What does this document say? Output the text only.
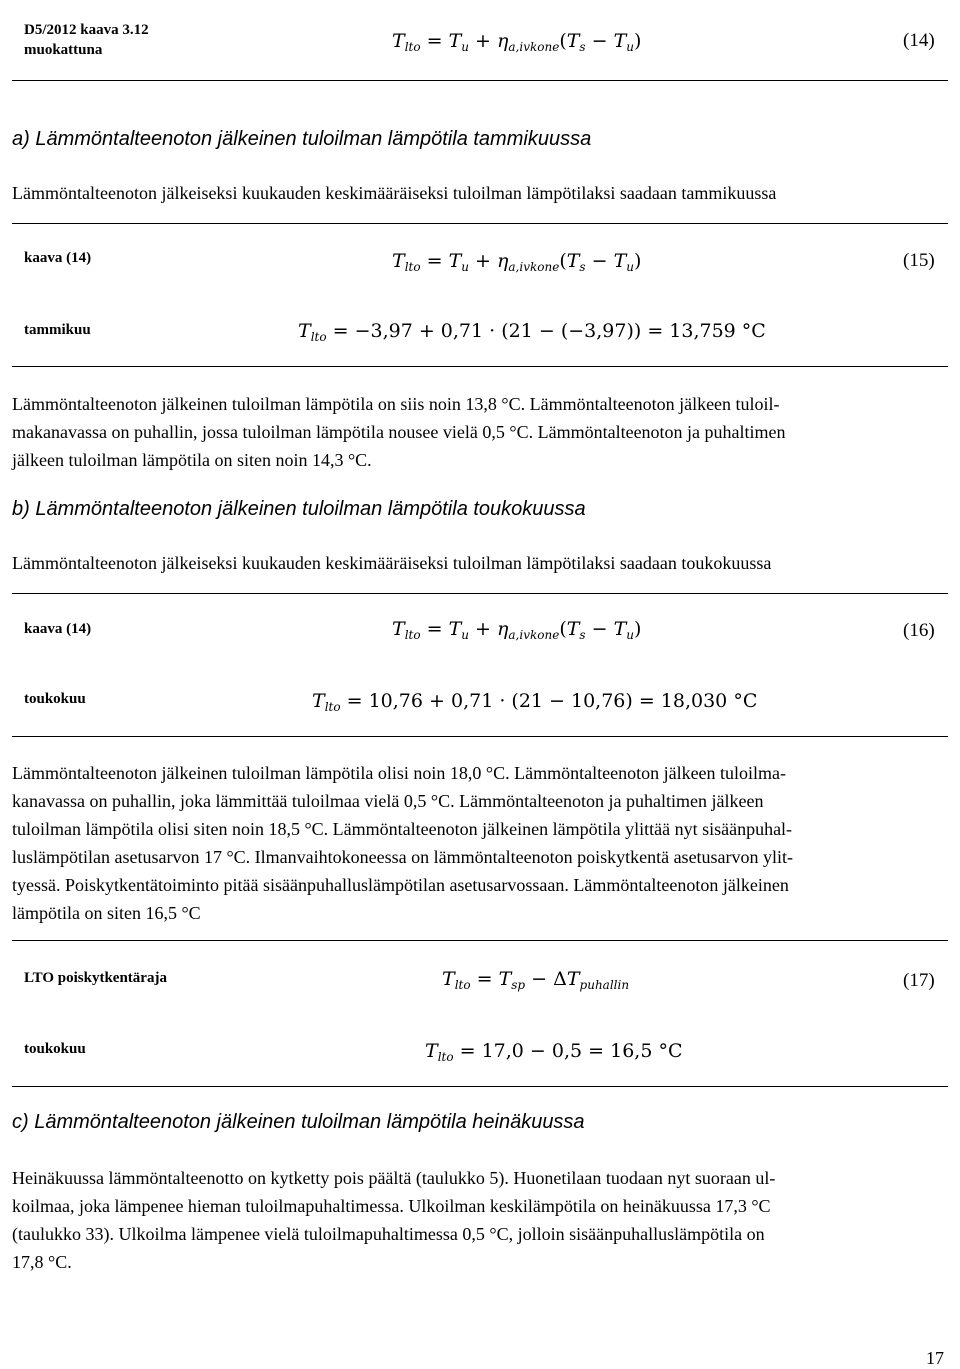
D5/2012 kaava 3.12
muokattuna	$T_{lto} = T_u + \eta_{a,ivkone}(T_s - T_u)$	(14)
a) Lämmöntalteenoton jälkeinen tuloilman lämpötila tammikuussa
Lämmöntalteenoton jälkeiseksi kuukauden keskimääräiseksi tuloilman lämpötilaksi saadaan tammikuussa
kaava (14)	$T_{lto} = T_u + \eta_{a,ivkone}(T_s - T_u)$	(15)
tammikuu	$T_{lto} = -3,97 + 0,71 \cdot (21 - (-3,97)) = 13,759$ °C
Lämmöntalteenoton jälkeinen tuloilman lämpötila on siis noin 13,8 °C. Lämmöntalteenoton jälkeen tuloil-
makanavassa on puhallin, jossa tuloilman lämpötila nousee vielä 0,5 °C. Lämmöntalteenoton ja puhaltimen
jälkeen tuloilman lämpötila on siten noin 14,3 °C.
b) Lämmöntalteenoton jälkeinen tuloilman lämpötila toukokuussa
Lämmöntalteenoton jälkeiseksi kuukauden keskimääräiseksi tuloilman lämpötilaksi saadaan toukokuussa
kaava (14)	$T_{lto} = T_u + \eta_{a,ivkone}(T_s - T_u)$	(16)
toukokuu	$T_{lto} = 10,76 + 0,71 \cdot (21 - 10,76) = 18,030$ °C
Lämmöntalteenoton jälkeinen tuloilman lämpötila olisi noin 18,0 °C. Lämmöntalteenoton jälkeen tuloilma-
kanavassa on puhallin, joka lämmittää tuloilmaa vielä 0,5 °C. Lämmöntalteenoton ja puhaltimen jälkeen
tuloilman lämpötila olisi siten noin 18,5 °C. Lämmöntalteenoton jälkeinen lämpötila ylittää nyt sisäänpuhal-
luslämpötilan asetusarvon 17 °C. Ilmanvaihtokoneessa on lämmöntalteenoton poiskytkentä asetusarvon ylit-
tyessä. Poiskytkentätoiminto pitää sisäänpuhalluslämpötilan asetusarvossaan. Lämmöntalteenoton jälkeinen
lämpötila on siten 16,5 °C
LTO poiskytkentäraja	$T_{lto} = T_{sp} - \Delta T_{puhallin}$	(17)
toukokuu	$T_{lto} = 17,0 - 0,5 = 16,5$ °C
c) Lämmöntalteenoton jälkeinen tuloilman lämpötila heinäkuussa
Heinäkuussa lämmöntalteenotto on kytketty pois päältä (taulukko 5). Huonetilaan tuodaan nyt suoraan ul-
koilmaa, joka lämpenee hieman tuloilmapuhaltimessa. Ulkoilman keskilämpötila on heinäkuussa 17,3 °C
(taulukko 33). Ulkoilma lämpenee vielä tuloilmapuhaltimessa 0,5 °C, jolloin sisäänpuhalluslämpötila on
17,8 °C.
17
